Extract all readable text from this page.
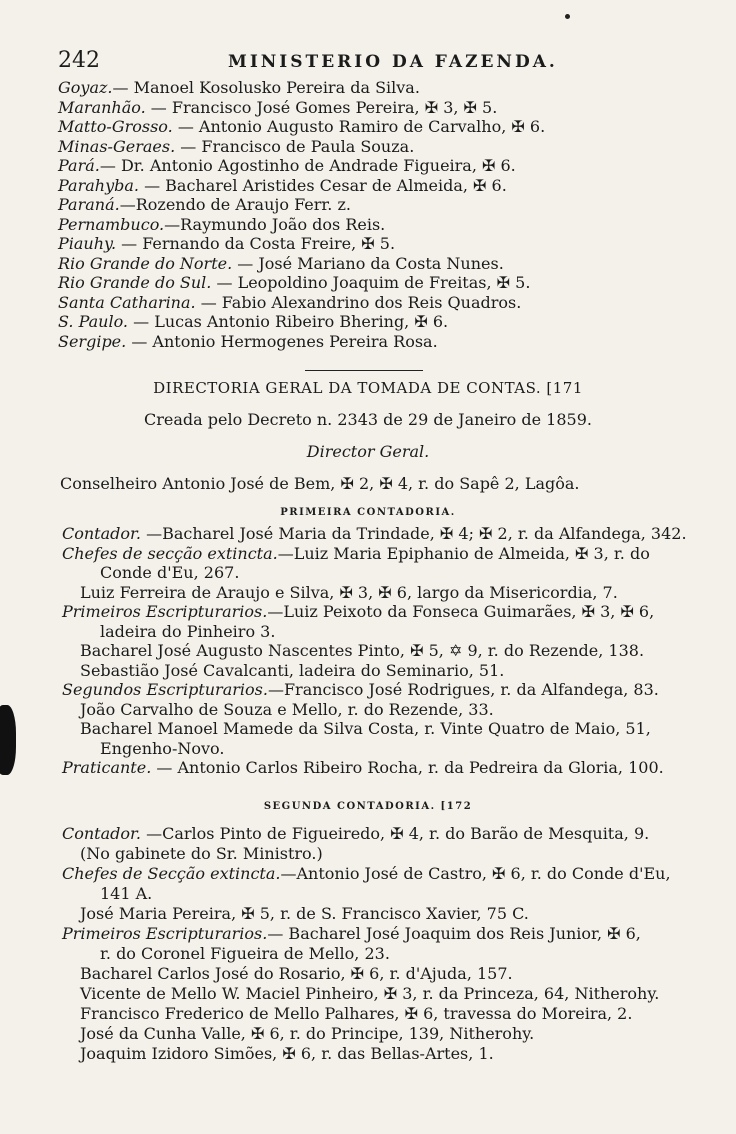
242	MINISTERIO DA FAZENDA.
Goyaz.— Manoel Kosolusko Pereira da Silva.
Maranhão. — Francisco José Gomes Pereira, ✠ 3, ✠ 5.
Matto-Grosso. — Antonio Augusto Ramiro de Carvalho, ✠ 6.
Minas-Geraes. — Francisco de Paula Souza.
Pará.— Dr. Antonio Agostinho de Andrade Figueira, ✠ 6.
Parahyba. — Bacharel Aristides Cesar de Almeida, ✠ 6.
Paraná.—Rozendo de Araujo Ferr. z.
Pernambuco.—Raymundo João dos Reis.
Piauhy. — Fernando da Costa Freire, ✠ 5.
Rio Grande do Norte. — José Mariano da Costa Nunes.
Rio Grande do Sul. — Leopoldino Joaquim de Freitas, ✠ 5.
Santa Catharina. — Fabio Alexandrino dos Reis Quadros.
S. Paulo. — Lucas Antonio Ribeiro Bhering, ✠ 6.
Sergipe. — Antonio Hermogenes Pereira Rosa.
DIRECTORIA GERAL DA TOMADA DE CONTAS. [171
Creada pelo Decreto n. 2343 de 29 de Janeiro de 1859.
Director Geral.
Conselheiro Antonio José de Bem, ✠ 2, ✠ 4, r. do Sapê 2, Lagôa.
PRIMEIRA CONTADORIA.
Contador. —Bacharel José Maria da Trindade, ✠ 4; ✠ 2, r. da Alfandega, 342.
Chefes de secção extincta.—Luiz Maria Epiphanio de Almeida, ✠ 3, r. do
Conde d'Eu, 267.
Luiz Ferreira de Araujo e Silva, ✠ 3, ✠ 6, largo da Misericordia, 7.
Primeiros Escripturarios.—Luiz Peixoto da Fonseca Guimarães, ✠ 3, ✠ 6,
ladeira do Pinheiro 3.
Bacharel José Augusto Nascentes Pinto, ✠ 5, ✡ 9, r. do Rezende, 138.
Sebastião José Cavalcanti, ladeira do Seminario, 51.
Segundos Escripturarios.—Francisco José Rodrigues, r. da Alfandega, 83.
João Carvalho de Souza e Mello, r. do Rezende, 33.
Bacharel Manoel Mamede da Silva Costa, r. Vinte Quatro de Maio, 51,
Engenho-Novo.
Praticante. — Antonio Carlos Ribeiro Rocha, r. da Pedreira da Gloria, 100.
SEGUNDA CONTADORIA. [172
Contador. —Carlos Pinto de Figueiredo, ✠ 4, r. do Barão de Mesquita, 9.
(No gabinete do Sr. Ministro.)
Chefes de Secção extincta.—Antonio José de Castro, ✠ 6, r. do Conde d'Eu,
141 A.
José Maria Pereira, ✠ 5, r. de S. Francisco Xavier, 75 C.
Primeiros Escripturarios.— Bacharel José Joaquim dos Reis Junior, ✠ 6,
r. do Coronel Figueira de Mello, 23.
Bacharel Carlos José do Rosario, ✠ 6, r. d'Ajuda, 157.
Vicente de Mello W. Maciel Pinheiro, ✠ 3, r. da Princeza, 64, Nitherohy.
Francisco Frederico de Mello Palhares, ✠ 6, travessa do Moreira, 2.
José da Cunha Valle, ✠ 6, r. do Principe, 139, Nitherohy.
Joaquim Izidoro Simões, ✠ 6, r. das Bellas-Artes, 1.
